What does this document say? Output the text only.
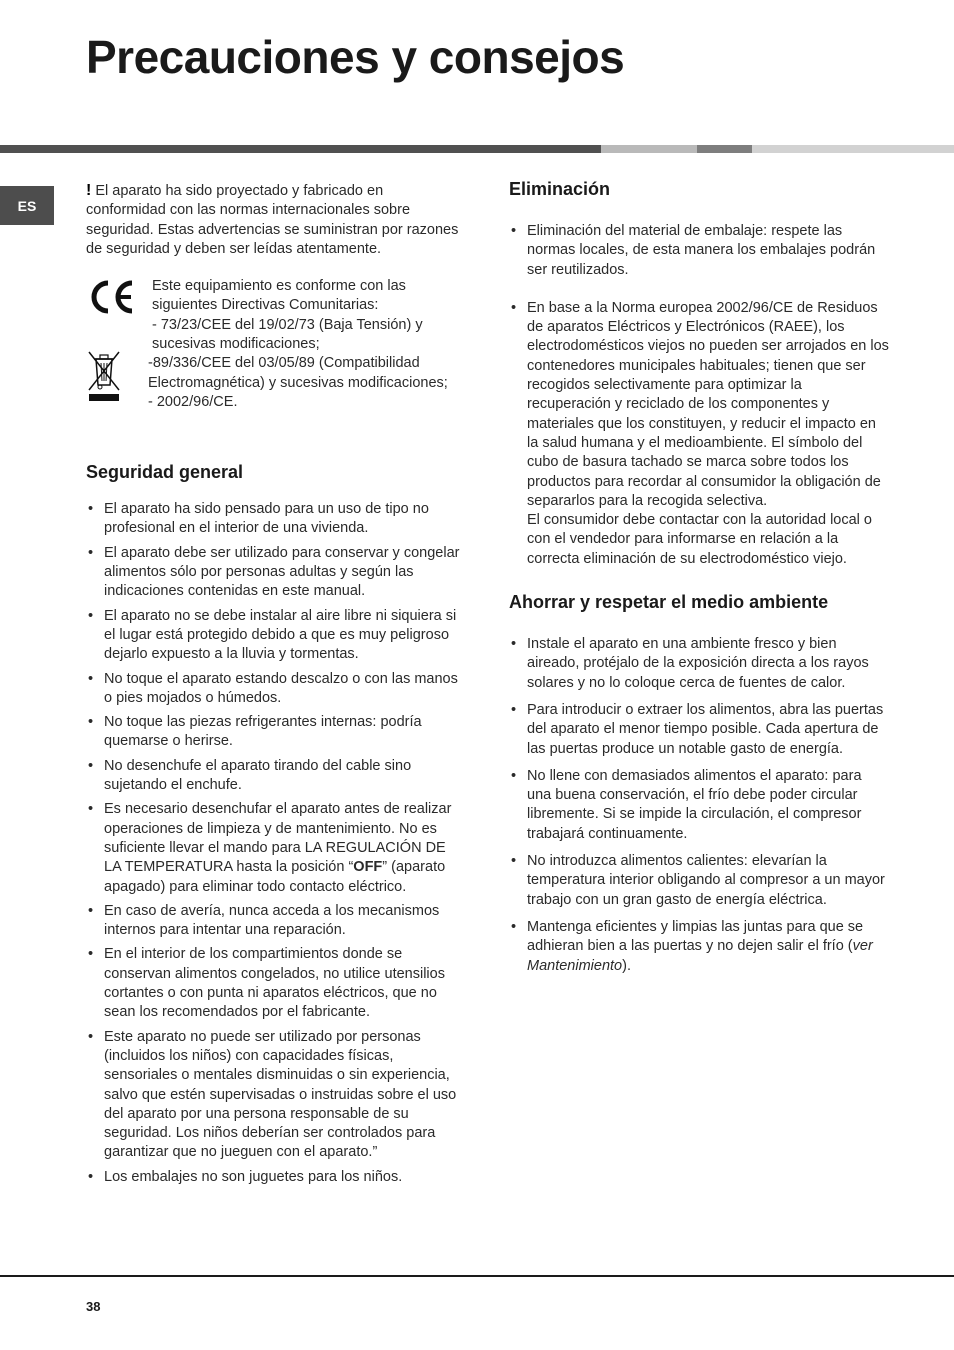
Precauciones y consejos
ES

! El aparato ha sido proyectado y fabricado en conformidad con las normas internacionales sobre seguridad. Estas advertencias se suministran por razones de seguridad y deben ser leídas atentamente.

Este equipamiento es conforme con las siguientes Directivas Comunitarias:

- 73/23/CEE del 19/02/73 (Baja Tensión) y sucesivas modificaciones;

-89/336/CEE del 03/05/89 (Compatibilidad Electromagnética) y sucesivas modificaciones;

- 2002/96/CE.

Seguridad general
• El aparato ha sido pensado para un uso de tipo no profesional en el interior de una vivienda.
• El aparato debe ser utilizado para conservar y congelar alimentos sólo por personas adultas y según las indicaciones contenidas en este manual.
• El aparato no se debe instalar al aire libre ni siquiera si el lugar está protegido debido a que es muy peligroso dejarlo expuesto a la lluvia y tormentas.
• No toque el aparato estando descalzo o con las manos o pies mojados o húmedos.
• No toque las piezas refrigerantes internas: podría quemarse o herirse.
• No desenchufe el aparato tirando del cable sino sujetando el enchufe.
• Es necesario desenchufar el aparato antes de realizar operaciones de limpieza y de mantenimiento. No es suficiente llevar el mando para LA REGULACIÓN DE LA TEMPERATURA hasta la posición “OFF” (aparato apagado) para eliminar todo contacto eléctrico.
• En caso de avería, nunca acceda a los mecanismos internos para intentar una reparación.
• En el interior de los compartimientos donde se conservan alimentos congelados, no utilice utensilios cortantes o con punta ni aparatos eléctricos, que no sean los recomendados por el fabricante.
• Este aparato no puede ser utilizado por personas (incluidos los niños) con capacidades físicas, sensoriales o mentales disminuidas o sin experiencia, salvo que estén supervisadas o instruidas sobre el uso del aparato por una persona responsable de su seguridad. Los niños deberían ser controlados para garantizar que no jueguen con el aparato.”
• Los embalajes no son juguetes para los niños.
Eliminación
• Eliminación del material de embalaje: respete las normas locales, de esta manera los embalajes podrán ser reutilizados.
• En base a la Norma europea 2002/96/CE de Residuos de aparatos Eléctricos y Electrónicos (RAEE), los electrodomésticos viejos no pueden ser arrojados en los contenedores municipales habituales; tienen que ser recogidos selectivamente para optimizar la recuperación y reciclado de los componentes y materiales que los constituyen, y reducir el impacto en la salud humana y el medioambiente. El símbolo del cubo de basura tachado se marca sobre todos los productos para recordar al consumidor la obligación de separarlos para la recogida selectiva.
El consumidor debe contactar con la autoridad local o con el vendedor para informarse en relación a la correcta eliminación de su electrodoméstico viejo.
Ahorrar y respetar el medio ambiente
• Instale el aparato en una ambiente fresco y bien aireado, protéjalo de la exposición directa a los rayos solares y no lo coloque cerca de fuentes de calor.
• Para introducir o extraer los alimentos, abra las puertas del aparato el menor tiempo posible. Cada apertura de las puertas produce un notable gasto de energía.
• No llene con demasiados alimentos el aparato: para una buena conservación, el frío debe poder circular libremente. Si se impide la circulación, el compresor trabajará continuamente.
• No introduzca alimentos calientes: elevarían la temperatura interior obligando al compresor a un mayor trabajo con un gran gasto de energía eléctrica.
• Mantenga eficientes y limpias las juntas para que se adhieran bien a las puertas y no dejen salir el frío (ver Mantenimiento).
38
